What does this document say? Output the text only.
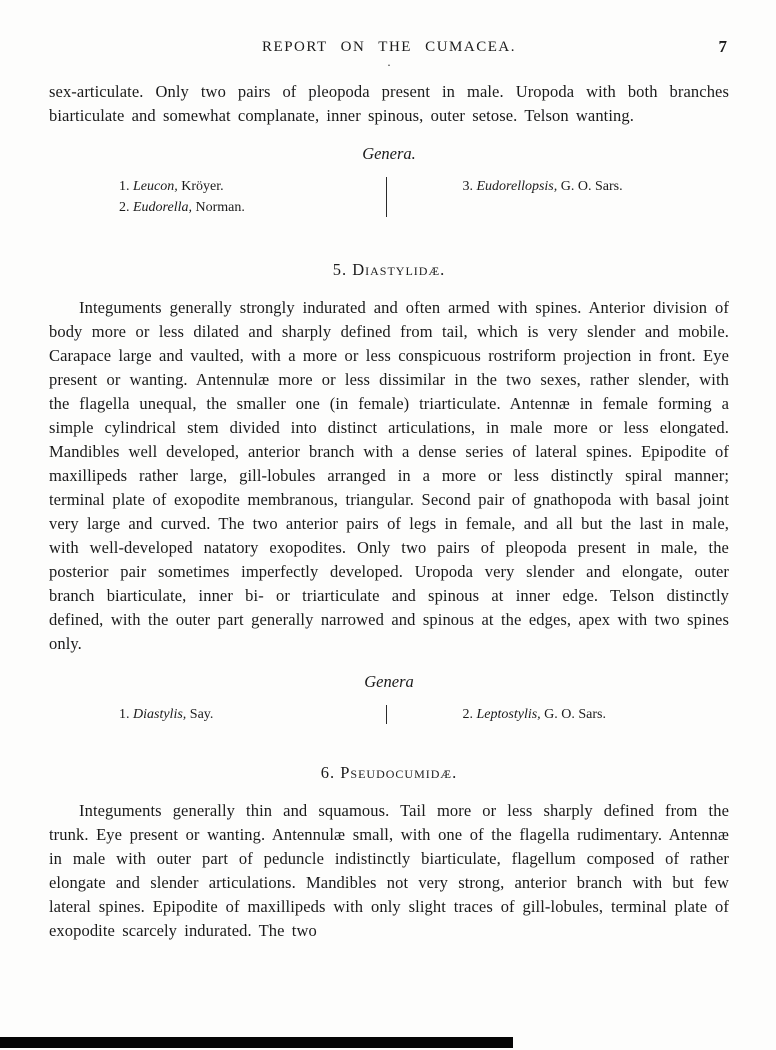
REPORT ON THE CUMACEA.	7
.

sex-articulate. Only two pairs of pleopoda present in male. Uropoda with both branches biarticulate and somewhat complanate, inner spinous, outer setose. Telson wanting.

Genera.
1. Leucon, Kröyer.
2. Eudorella, Norman.
3. Eudorellopsis, G. O. Sars.
5. Diastylidæ.

Integuments generally strongly indurated and often armed with spines. Anterior division of body more or less dilated and sharply defined from tail, which is very slender and mobile. Carapace large and vaulted, with a more or less conspicuous rostriform projection in front. Eye present or wanting. Antennulæ more or less dissimilar in the two sexes, rather slender, with the flagella unequal, the smaller one (in female) triarticulate. Antennæ in female forming a simple cylindrical stem divided into distinct articulations, in male more or less elongated. Mandibles well developed, anterior branch with a dense series of lateral spines. Epipodite of maxillipeds rather large, gill-lobules arranged in a more or less distinctly spiral manner; terminal plate of exopodite membranous, triangular. Second pair of gnathopoda with basal joint very large and curved. The two anterior pairs of legs in female, and all but the last in male, with well-developed natatory exopodites. Only two pairs of pleopoda present in male, the posterior pair sometimes imperfectly developed. Uropoda very slender and elongate, outer branch biarticulate, inner bi- or triarticulate and spinous at inner edge. Telson distinctly defined, with the outer part generally narrowed and spinous at the edges, apex with two spines only.

Genera
1. Diastylis, Say.	2. Leptostylis, G. O. Sars.
6. Pseudocumidæ.

Integuments generally thin and squamous. Tail more or less sharply defined from the trunk. Eye present or wanting. Antennulæ small, with one of the flagella rudimentary. Antennæ in male with outer part of peduncle indistinctly biarticulate, flagellum composed of rather elongate and slender articulations. Mandibles not very strong, anterior branch with but few lateral spines. Epipodite of maxillipeds with only slight traces of gill-lobules, terminal plate of exopodite scarcely indurated. The two
